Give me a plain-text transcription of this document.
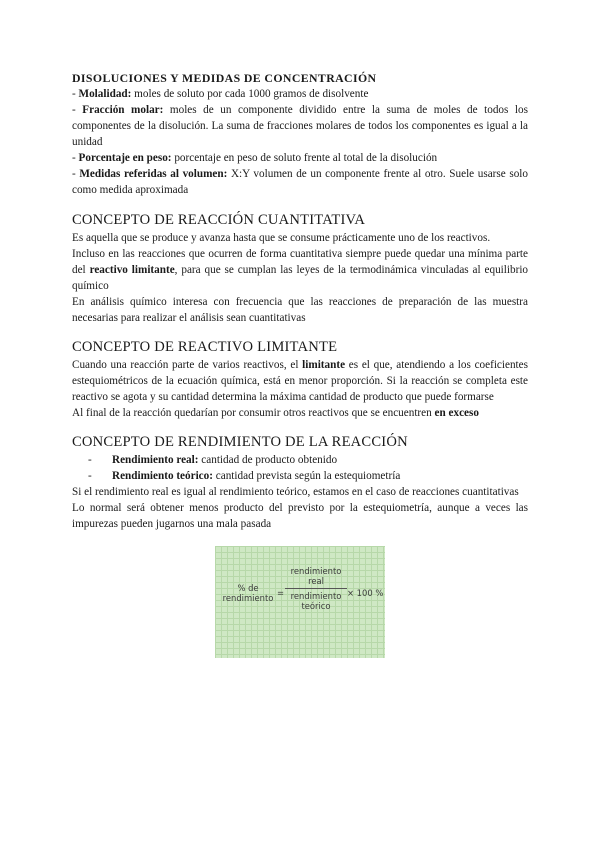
DISOLUCIONES Y MEDIDAS DE CONCENTRACIÓN

- Molalidad: moles de soluto por cada 1000 gramos de disolvente

- Fracción molar: moles de un componente dividido entre la suma de moles de todos los componentes de la disolución. La suma de fracciones molares de todos los componentes es igual a la unidad

- Porcentaje en peso: porcentaje en peso de soluto frente al total de la disolución

- Medidas referidas al volumen: X:Y volumen de un componente frente al otro. Suele usarse solo como medida aproximada

CONCEPTO DE REACCIÓN CUANTITATIVA

Es aquella que se produce y avanza hasta que se consume prácticamente uno de los reactivos.

Incluso en las reacciones que ocurren de forma cuantitativa siempre puede quedar una mínima parte del reactivo limitante, para que se cumplan las leyes de la termodinámica vinculadas al equilibrio químico

En análisis químico interesa con frecuencia que las reacciones de preparación de las muestra necesarias para realizar el análisis sean cuantitativas

CONCEPTO DE REACTIVO LIMITANTE

Cuando una reacción parte de varios reactivos, el limitante es el que, atendiendo a los coeficientes estequiométricos de la ecuación química, está en menor proporción. Si la reacción se completa este reactivo se agota y su cantidad determina la máxima cantidad de producto que puede formarse

Al final de la reacción quedarían por consumir otros reactivos que se encuentren en exceso

CONCEPTO DE RENDIMIENTO DE LA REACCIÓN
- Rendimiento real: cantidad de producto obtenido
- Rendimiento teórico: cantidad prevista según la estequiometría

Si el rendimiento real es igual al rendimiento teórico, estamos en el caso de reacciones cuantitativas

Lo normal será obtener menos producto del previsto por la estequiometría, aunque a veces las impurezas pueden jugarnos una mala pasada

% de
rendimiento =
rendimiento
real
rendimiento
teórico
× 100 %
